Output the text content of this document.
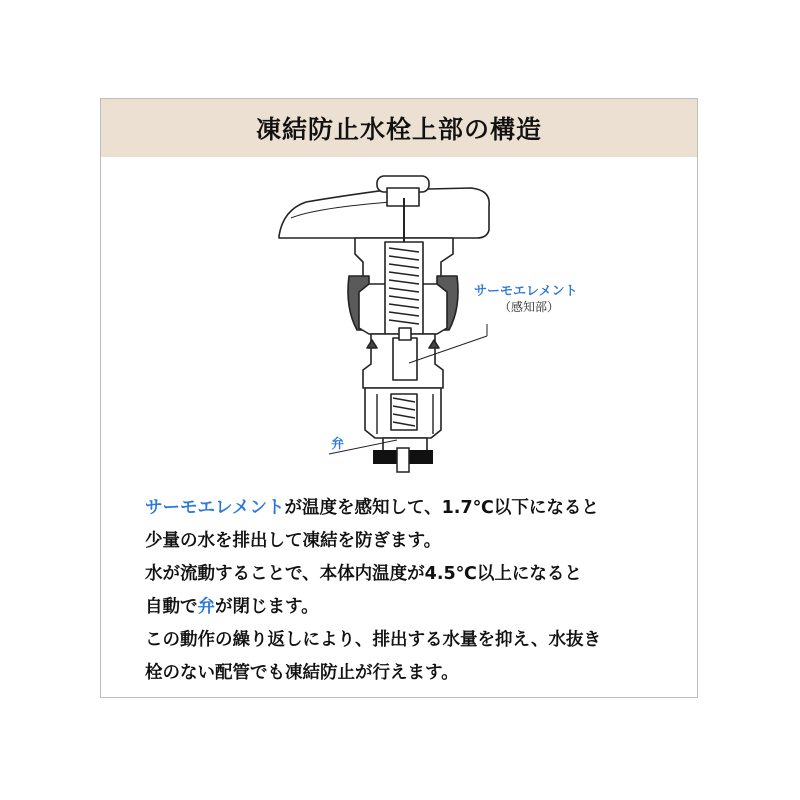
凍結防止水栓上部の構造
サーモエレメント
（感知部）
弁
サーモエレメントが温度を感知して、1.7℃以下になると
少量の水を排出して凍結を防ぎます。
水が流動することで、本体内温度が4.5℃以上になると
自動で弁が閉じます。
この動作の繰り返しにより、排出する水量を抑え、水抜き
栓のない配管でも凍結防止が行えます。
